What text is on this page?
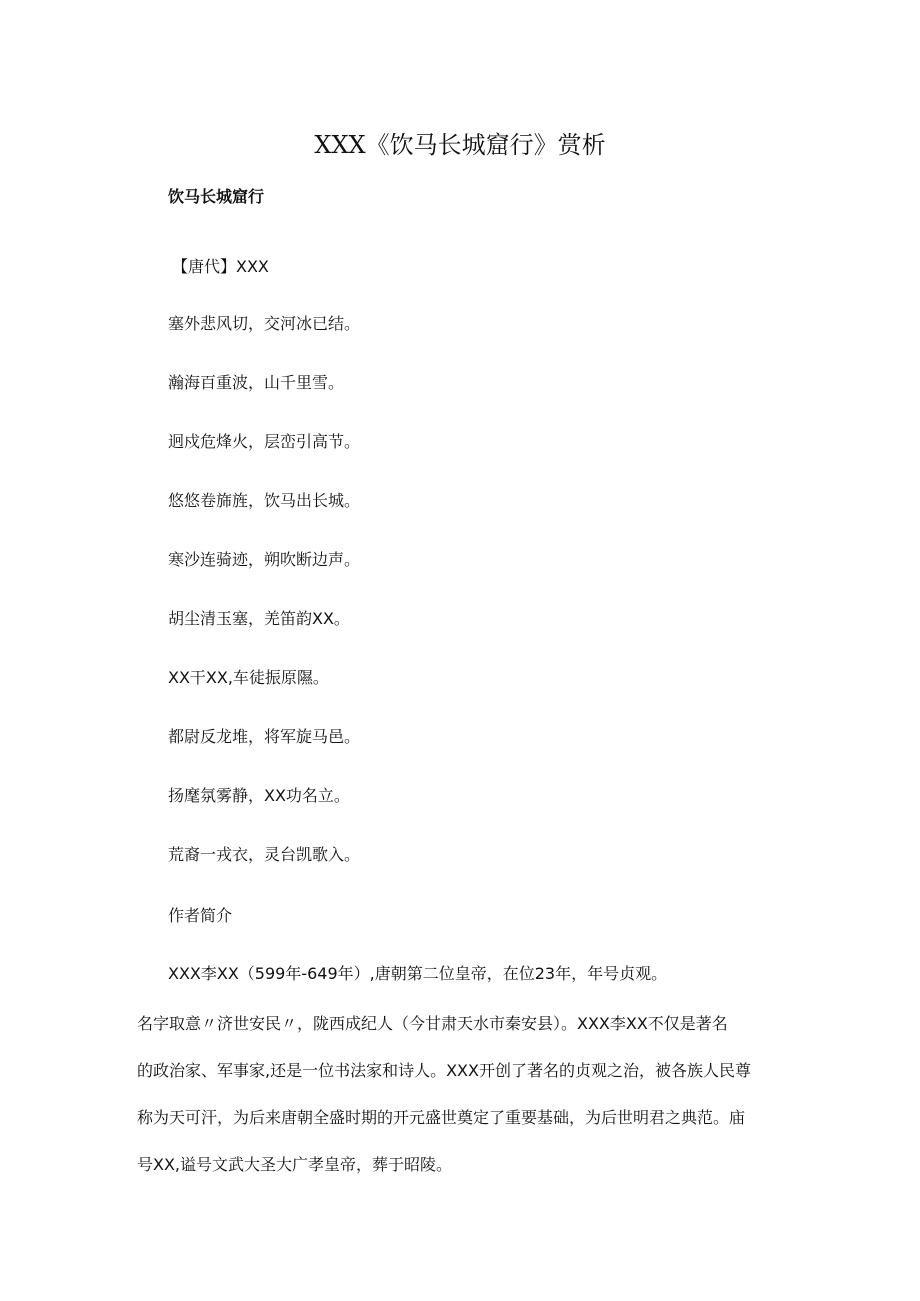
XXX《饮马长城窟行》赏析
饮马长城窟行
【唐代】XXX
塞外悲风切，交河冰已结。
瀚海百重波，山千里雪。
迥戍危烽火，层峦引高节。
悠悠卷旆旌，饮马出长城。
寒沙连骑迹，朔吹断边声。
胡尘清玉塞，羌笛韵XX。
XX干XX,车徒振原隰。
都尉反龙堆，将军旋马邑。
扬麾氛雾静，XX功名立。
荒裔一戎衣，灵台凯歌入。
作者简介
XXX李XX（599年-649年）,唐朝第二位皇帝，在位23年，年号贞观。
名字取意〃济世安民〃，陇西成纪人（今甘肃天水市秦安县）。XXX李XX不仅是著名
的政治家、军事家,还是一位书法家和诗人。XXX开创了著名的贞观之治，被各族人民尊
称为天可汗，为后来唐朝全盛时期的开元盛世奠定了重要基础，为后世明君之典范。庙
号XX,谥号文武大圣大广孝皇帝，葬于昭陵。
